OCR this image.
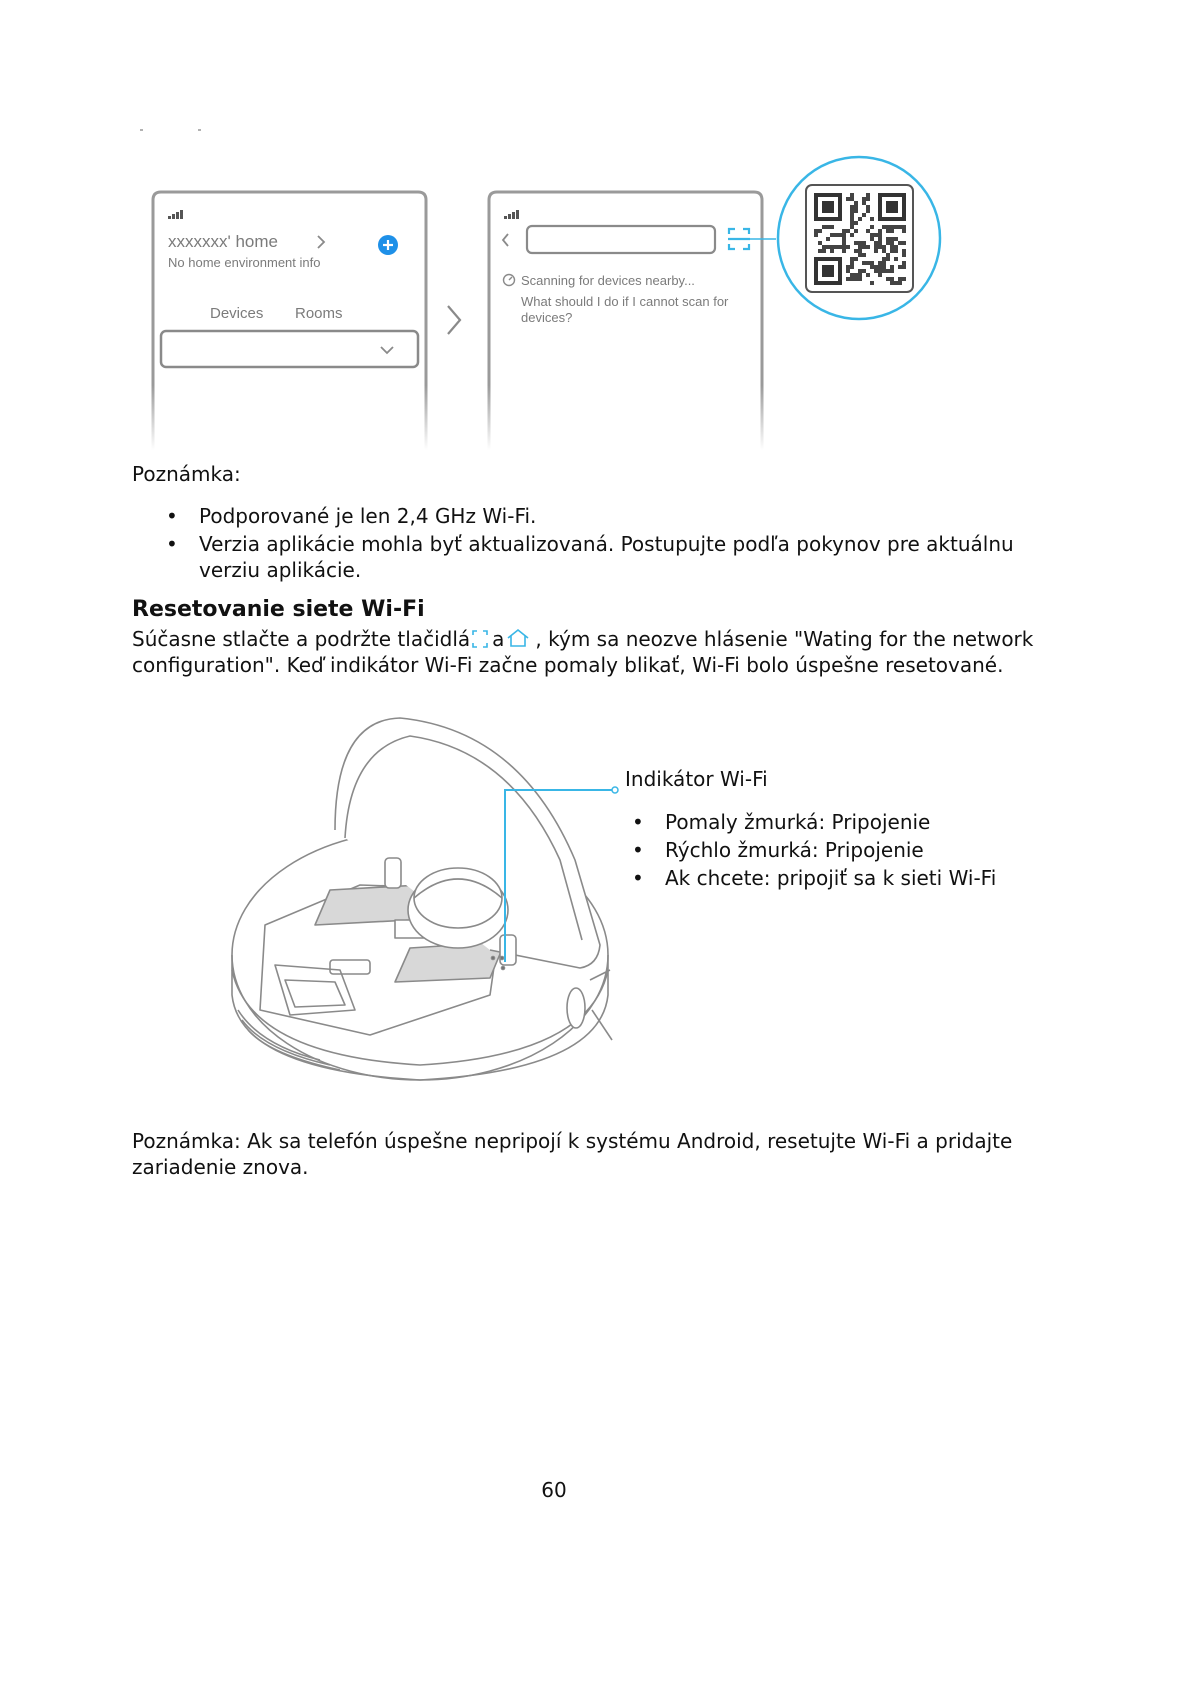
xxxxxxx' home
No home environment info
Devices Rooms
Scanning for devices nearby...
What should I do if I cannot scan for
devices?
Poznámka:
• Podporované je len 2,4 GHz Wi-Fi.
• Verzia aplikácie mohla byť aktualizovaná. Postupujte podľa pokynov pre aktuálnu
verziu aplikácie.
Resetovanie siete Wi-Fi
Súčasne stlačte a podržte tlačidlá a , kým sa neozve hlásenie "Wating for the network
configuration". Keď indikátor Wi-Fi začne pomaly blikať, Wi-Fi bolo úspešne resetované.
Indikátor Wi-Fi
• Pomaly žmurká: Pripojenie
• Rýchlo žmurká: Pripojenie
• Ak chcete: pripojiť sa k sieti Wi-Fi
Poznámka: Ak sa telefón úspešne nepripojí k systému Android, resetujte Wi-Fi a pridajte
zariadenie znova.
60
